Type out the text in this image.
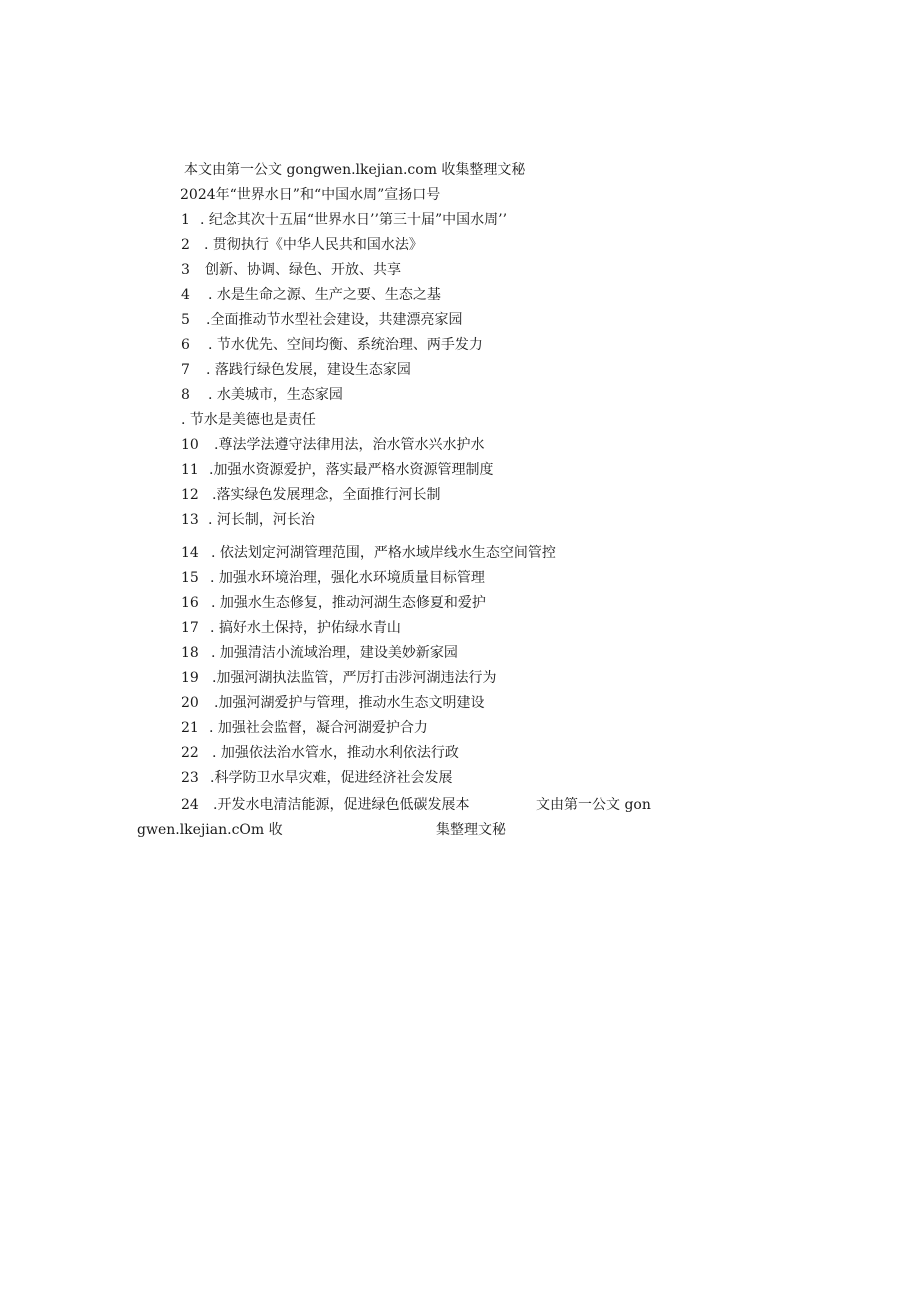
本文由第一公文 gongwen.lkejian.com 收集整理文秘
2024年“世界水日”和“中国水周”宣扬口号
1 . 纪念其次十五届“世界水日’’第三十届”中国水周’’
2 . 贯彻执行《中华人民共和国水法》
3 创新、协调、绿色、开放、共享
4 . 水是生命之源、生产之要、生态之基
5 .全面推动节水型社会建设，共建漂亮家园
6 . 节水优先、空间均衡、系统治理、两手发力
7 . 落践行绿色发展，建设生态家园
8 . 水美城市，生态家园
. 节水是美德也是责任
10 .尊法学法遵守法律用法，治水管水兴水护水
11 .加强水资源爱护，落实最严格水资源管理制度
12 .落实绿色发展理念，全面推行河长制
13 . 河长制，河长治
14 . 依法划定河湖管理范围，严格水域岸线水生态空间管控
15 . 加强水环境治理，强化水环境质量目标管理
16 . 加强水生态修复，推动河湖生态修夏和爱护
17 . 搞好水土保持，护佑绿水青山
18 . 加强清洁小流域治理，建设美妙新家园
19 .加强河湖执法监管，严厉打击涉河湖违法行为
20 .加强河湖爱护与管理，推动水生态文明建设
21 . 加强社会监督，凝合河湖爱护合力
22 . 加强依法治水管水，推动水利依法行政
23 .科学防卫水旱灾难，促进经济社会发展
24 .开发水电清洁能源，促进绿色低碳发展本	文由第一公文 gon
gwen.lkejian.cOm 收	集整理文秘
